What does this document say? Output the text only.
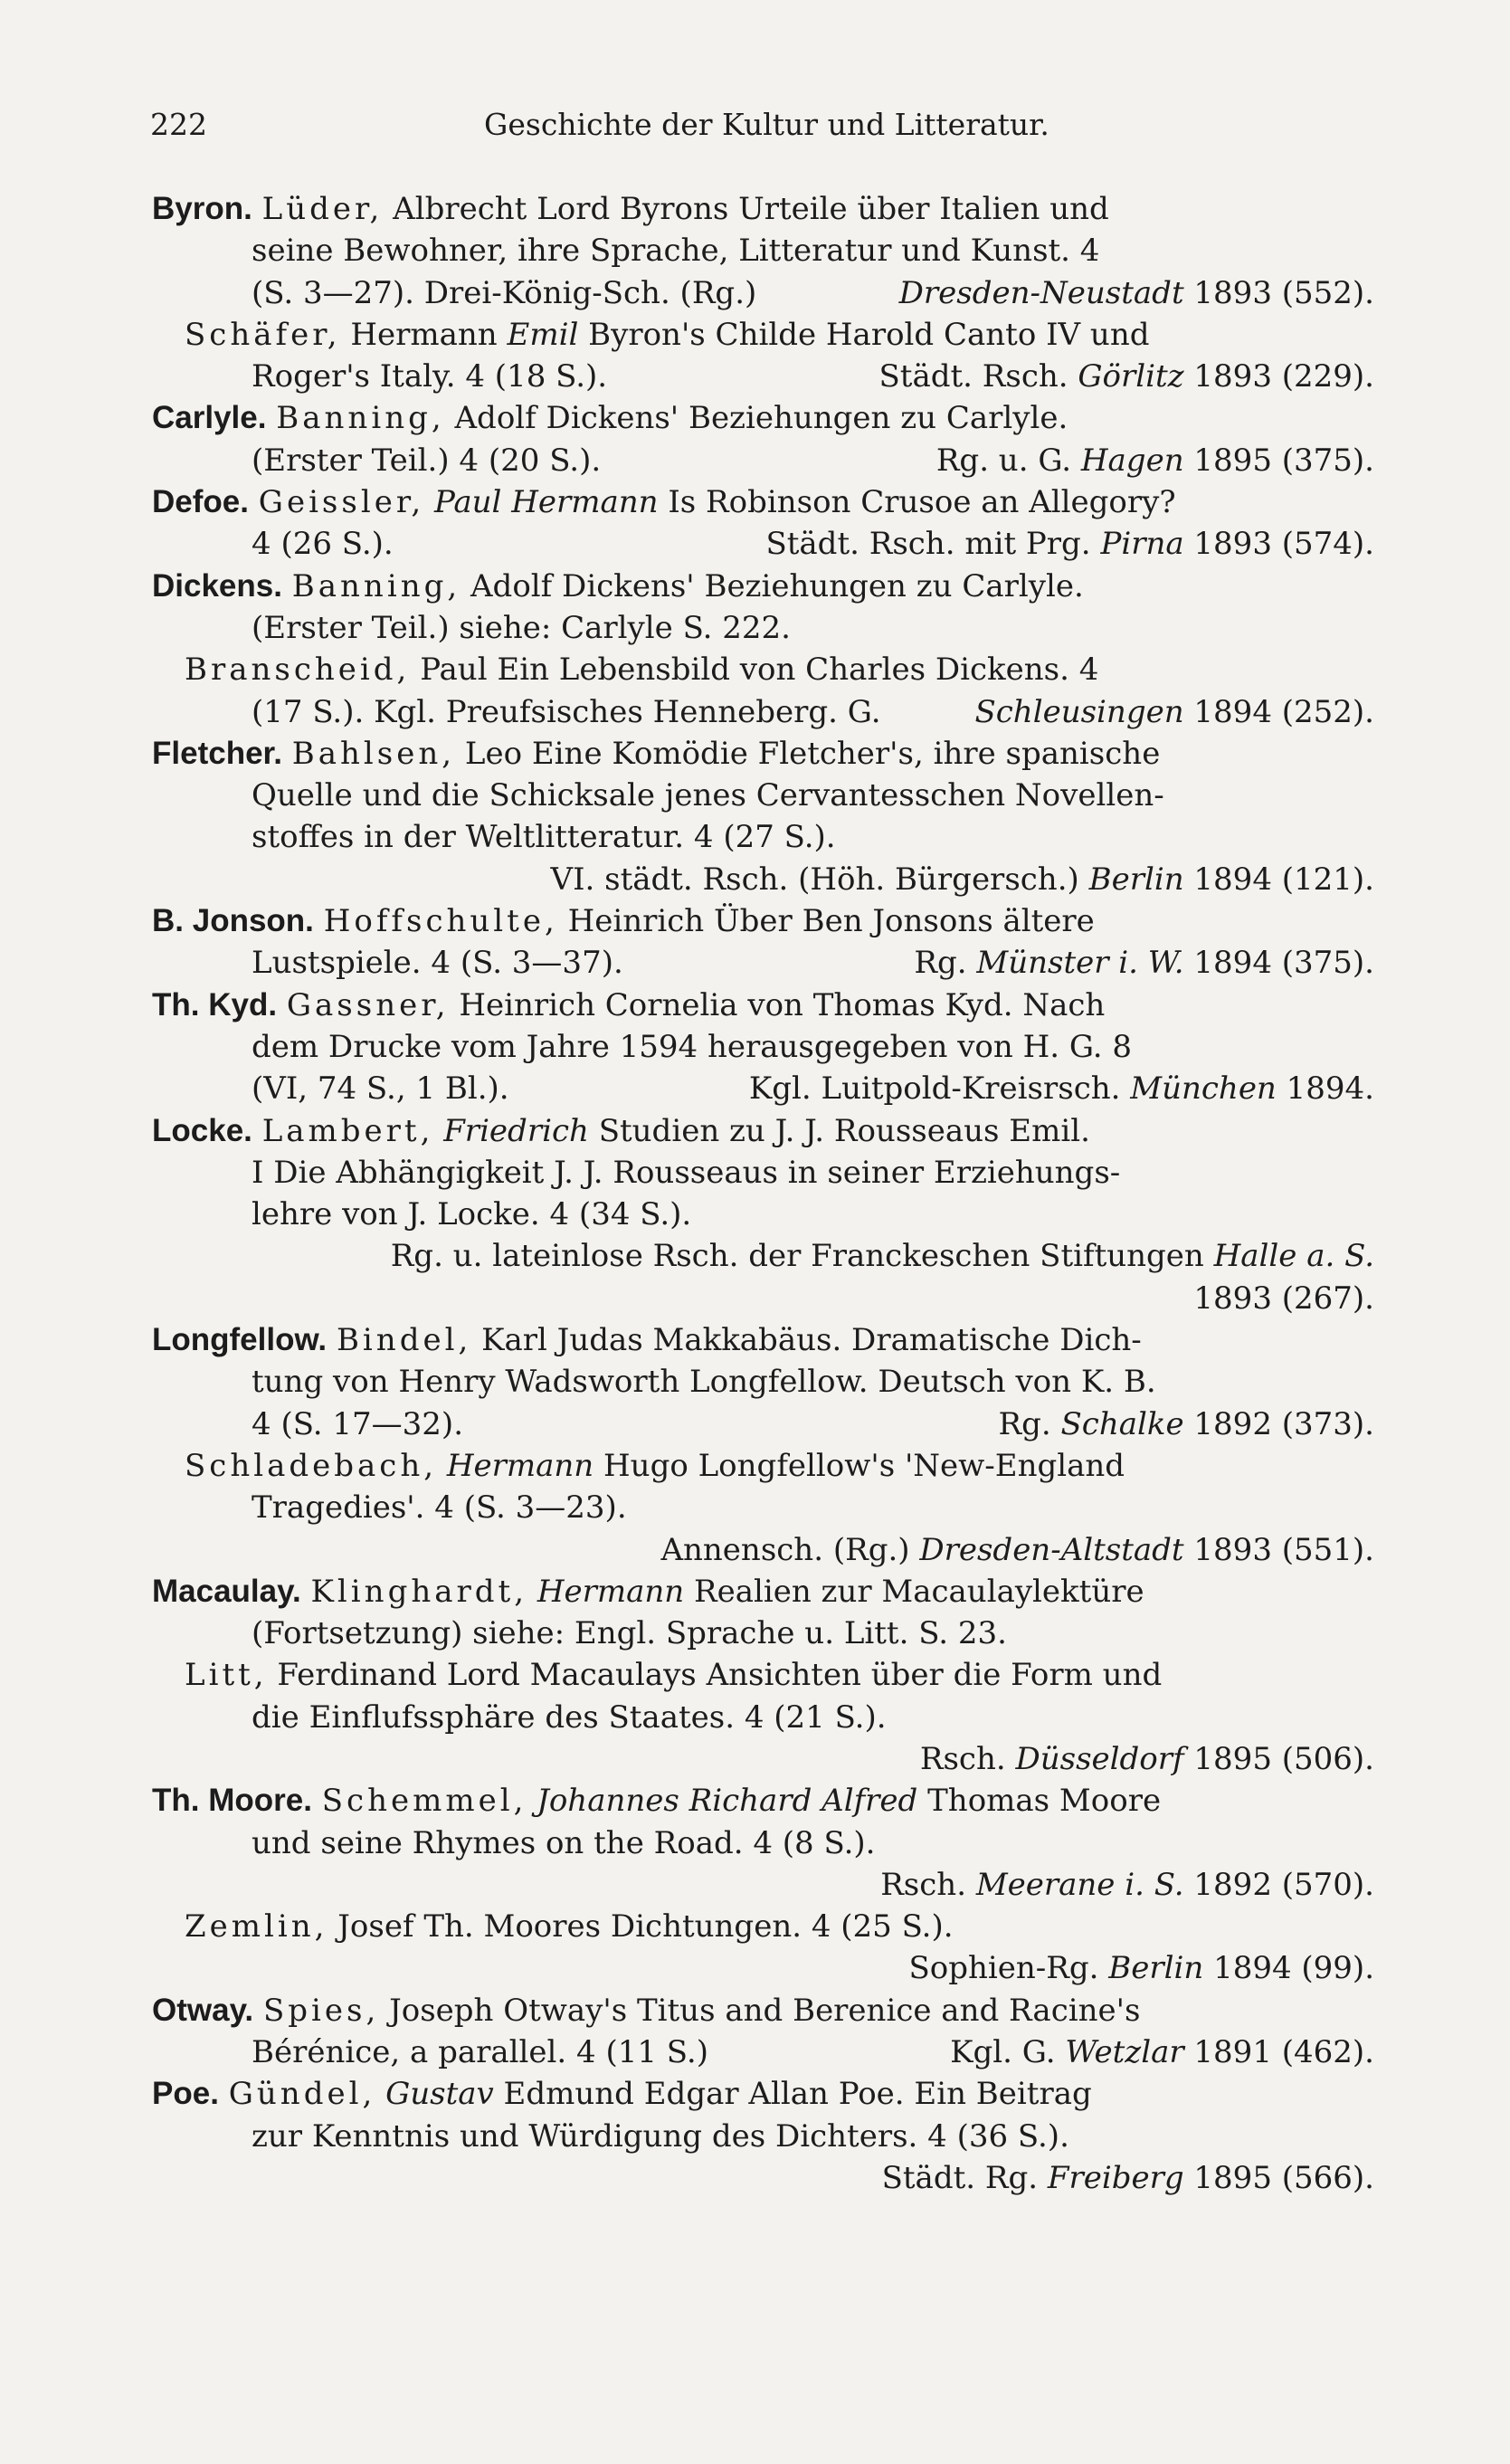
222	Geschichte der Kultur und Litteratur.
Byron. Lüder, Albrecht Lord Byrons Urteile über Italien und
seine Bewohner, ihre Sprache, Litteratur und Kunst. 4
(S. 3—27). Drei-König-Sch. (Rg.)	Dresden-Neustadt 1893 (552).
Schäfer, Hermann Emil Byron's Childe Harold Canto IV und
Roger's Italy. 4 (18 S.).	Städt. Rsch. Görlitz 1893 (229).
Carlyle. Banning, Adolf Dickens' Beziehungen zu Carlyle.
(Erster Teil.) 4 (20 S.).	Rg. u. G. Hagen 1895 (375).
Defoe. Geissler, Paul Hermann Is Robinson Crusoe an Allegory?
4 (26 S.).	Städt. Rsch. mit Prg. Pirna 1893 (574).
Dickens. Banning, Adolf Dickens' Beziehungen zu Carlyle.
(Erster Teil.) siehe: Carlyle S. 222.
Branscheid, Paul Ein Lebensbild von Charles Dickens. 4
(17 S.). Kgl. Preufsisches Henneberg. G.	Schleusingen 1894 (252).
Fletcher. Bahlsen, Leo Eine Komödie Fletcher's, ihre spanische
Quelle und die Schicksale jenes Cervantesschen Novellen-
stoffes in der Weltlitteratur. 4 (27 S.).
VI. städt. Rsch. (Höh. Bürgersch.) Berlin 1894 (121).
B. Jonson. Hoffschulte, Heinrich Über Ben Jonsons ältere
Lustspiele. 4 (S. 3—37).	Rg. Münster i. W. 1894 (375).
Th. Kyd. Gassner, Heinrich Cornelia von Thomas Kyd. Nach
dem Drucke vom Jahre 1594 herausgegeben von H. G. 8
(VI, 74 S., 1 Bl.).	Kgl. Luitpold-Kreisrsch. München 1894.
Locke. Lambert, Friedrich Studien zu J. J. Rousseaus Emil.
I Die Abhängigkeit J. J. Rousseaus in seiner Erziehungs-
lehre von J. Locke. 4 (34 S.).
Rg. u. lateinlose Rsch. der Franckeschen Stiftungen Halle a. S.
1893 (267).
Longfellow. Bindel, Karl Judas Makkabäus. Dramatische Dich-
tung von Henry Wadsworth Longfellow. Deutsch von K. B.
4 (S. 17—32).	Rg. Schalke 1892 (373).
Schladebach, Hermann Hugo Longfellow's 'New-England
Tragedies'. 4 (S. 3—23).
Annensch. (Rg.) Dresden-Altstadt 1893 (551).
Macaulay. Klinghardt, Hermann Realien zur Macaulaylektüre
(Fortsetzung) siehe: Engl. Sprache u. Litt. S. 23.
Litt, Ferdinand Lord Macaulays Ansichten über die Form und
die Einflufssphäre des Staates. 4 (21 S.).
Rsch. Düsseldorf 1895 (506).
Th. Moore. Schemmel, Johannes Richard Alfred Thomas Moore
und seine Rhymes on the Road. 4 (8 S.).
Rsch. Meerane i. S. 1892 (570).
Zemlin, Josef Th. Moores Dichtungen. 4 (25 S.).
Sophien-Rg. Berlin 1894 (99).
Otway. Spies, Joseph Otway's Titus and Berenice and Racine's
Bérénice, a parallel. 4 (11 S.)	Kgl. G. Wetzlar 1891 (462).
Poe. Gündel, Gustav Edmund Edgar Allan Poe. Ein Beitrag
zur Kenntnis und Würdigung des Dichters. 4 (36 S.).
Städt. Rg. Freiberg 1895 (566).
